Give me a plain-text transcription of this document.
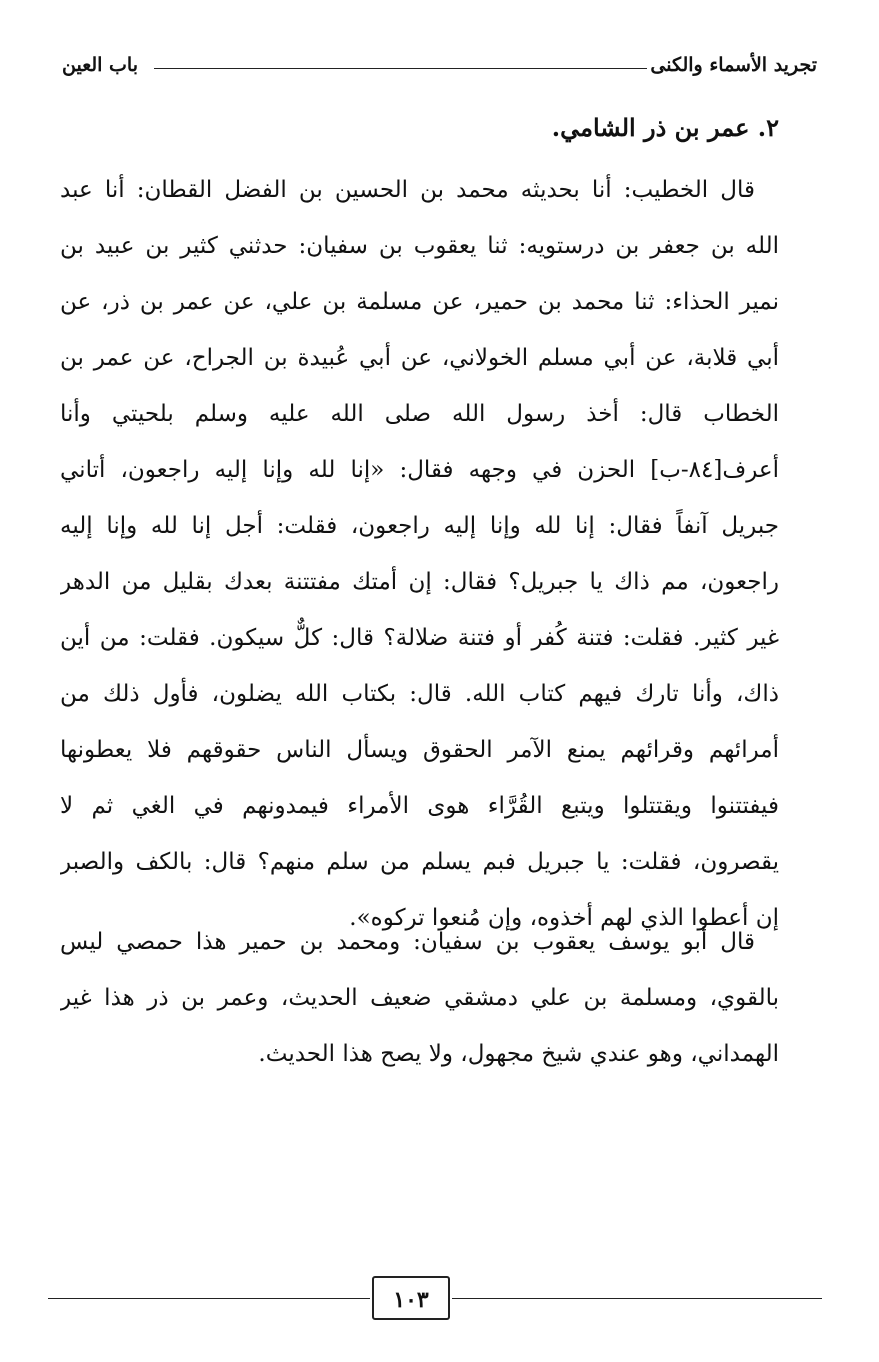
تجريد الأسماء والكنى
باب العين
٢. عمر بن ذر الشامي.
قال الخطيب: أنا بحديثه محمد بن الحسين بن الفضل القطان: أنا عبد
الله بن جعفر بن درستويه: ثنا يعقوب بن سفيان: حدثني كثير بن عبيد بن
نمير الحذاء: ثنا محمد بن حمير، عن مسلمة بن علي، عن عمر بن ذر، عن
أبي قلابة، عن أبي مسلم الخولاني، عن أبي عُبيدة بن الجراح، عن عمر بن
الخطاب قال: أخذ رسول الله صلى الله عليه وسلم بلحيتي وأنا
أعرف[٨٤-ب] الحزن في وجهه فقال: «إنا لله وإنا إليه راجعون، أتاني
جبريل آنفاً فقال: إنا لله وإنا إليه راجعون، فقلت: أجل إنا لله وإنا إليه
راجعون، مم ذاك يا جبريل؟ فقال: إن أمتك مفتتنة بعدك بقليل من الدهر
غير كثير. فقلت: فتنة كُفر أو فتنة ضلالة؟ قال: كلٌّ سيكون. فقلت: من أين
ذاك، وأنا تارك فيهم كتاب الله. قال: بكتاب الله يضلون، فأول ذلك من
أمرائهم وقرائهم يمنع الآمر الحقوق ويسأل الناس حقوقهم فلا يعطونها
فيفتتنوا ويقتتلوا ويتبع القُرَّاء هوى الأمراء فيمدونهم في الغي ثم لا
يقصرون، فقلت: يا جبريل فبم يسلم من سلم منهم؟ قال: بالكف والصبر
إن أعطوا الذي لهم أخذوه، وإن مُنعوا تركوه».
قال أبو يوسف يعقوب بن سفيان: ومحمد بن حمير هذا حمصي ليس
بالقوي، ومسلمة بن علي دمشقي ضعيف الحديث، وعمر بن ذر هذا غير
الهمداني، وهو عندي شيخ مجهول، ولا يصح هذا الحديث.
١٠٣
